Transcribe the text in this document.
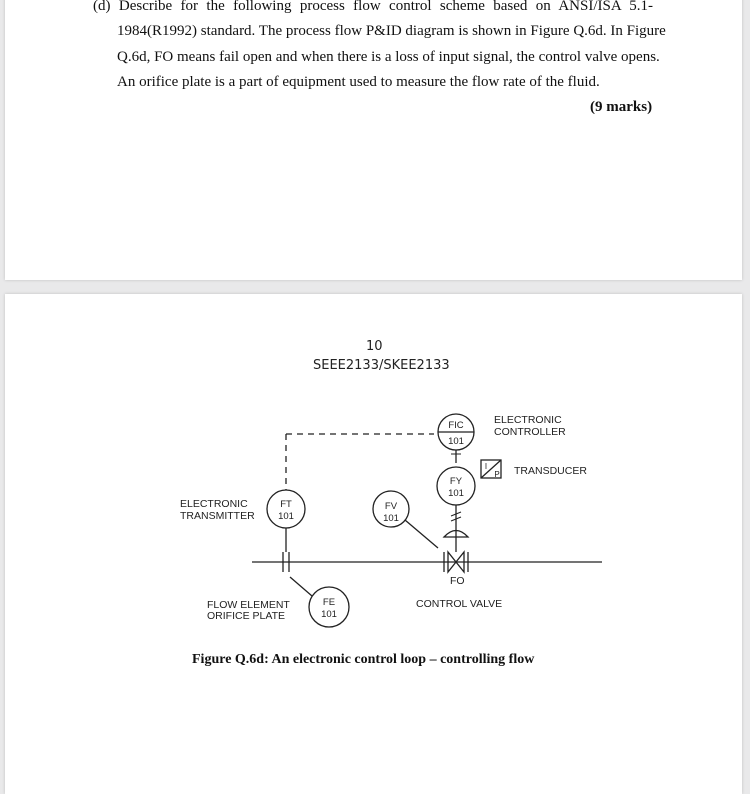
(d) Describe for the following process flow control scheme based on ANSI/ISA 5.1-
1984(R1992) standard. The process flow P&ID diagram is shown in Figure Q.6d. In Figure
Q.6d, FO means fail open and when there is a loss of input signal, the control valve opens.
An orifice plate is a part of equipment used to measure the flow rate of the fluid.
(9 marks)
10
SEEE2133/SKEE2133
FIC
101
FY
101
FT
101
FV
101
FE
101
I
P
ELECTRONIC
CONTROLLER
TRANSDUCER
ELECTRONIC
TRANSMITTER
FO
CONTROL VALVE
FLOW ELEMENT
ORIFICE PLATE
Figure Q.6d: An electronic control loop – controlling flow
